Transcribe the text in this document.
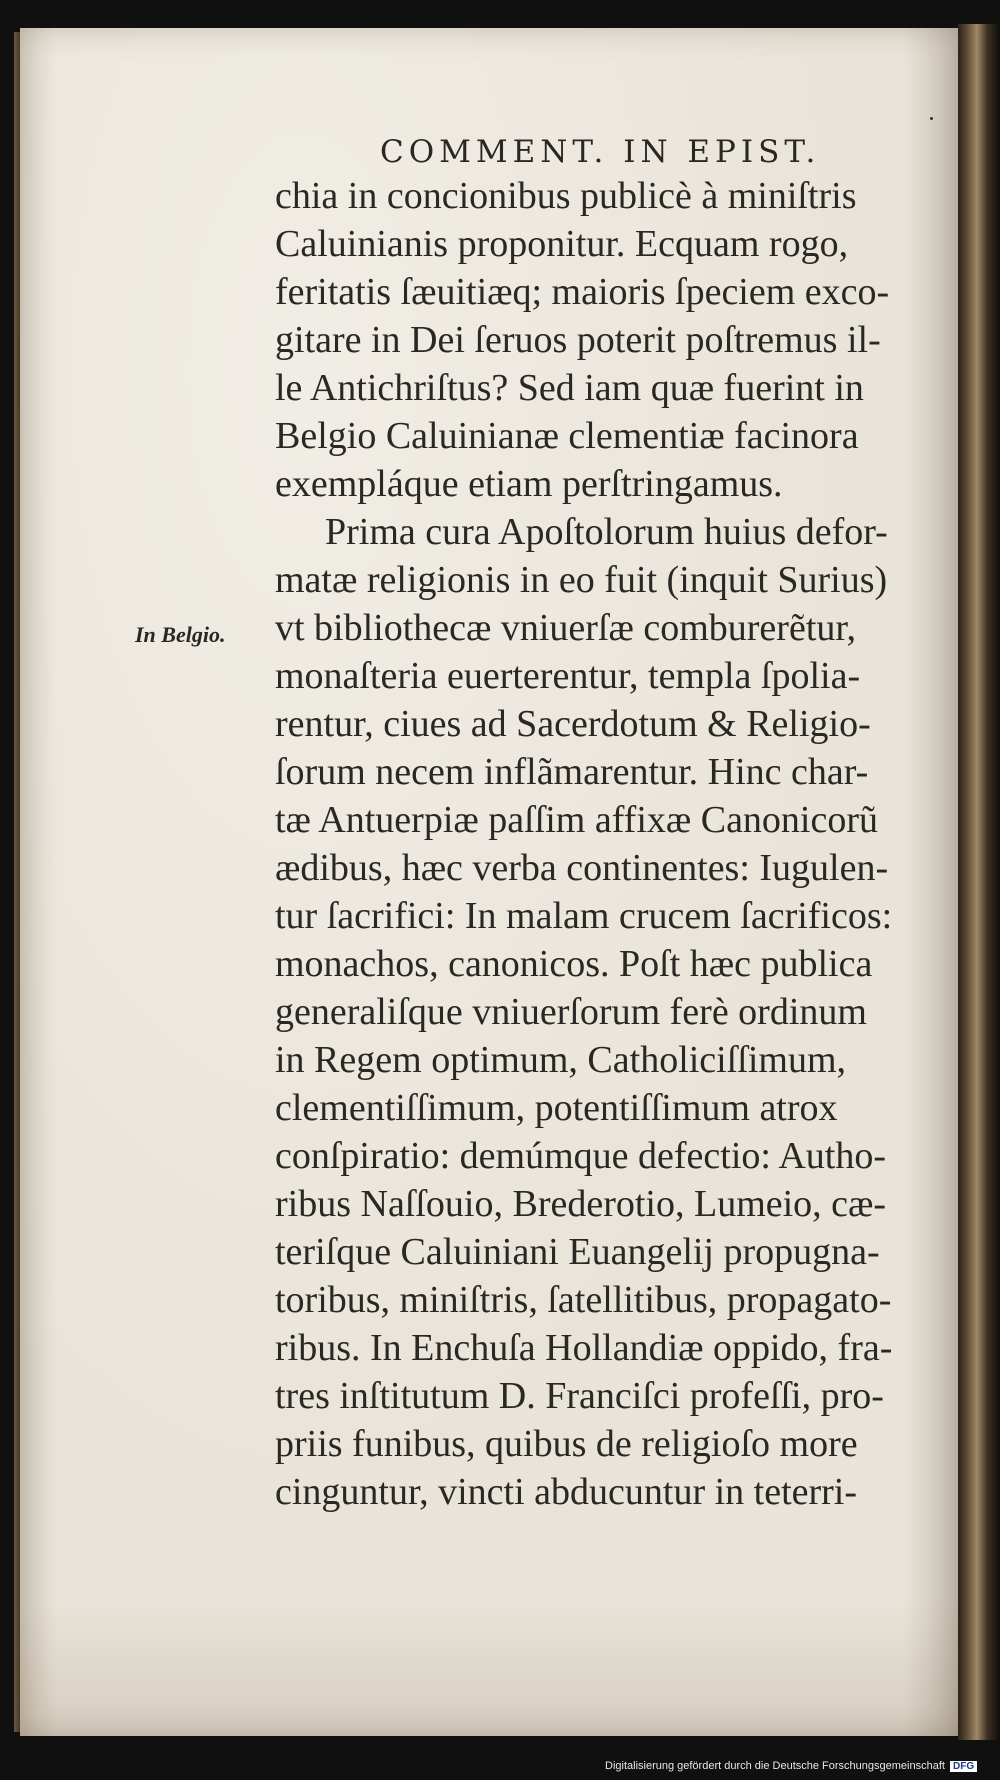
COMMENT. IN EPIST.
In Belgio.
chia in concionibus publicè à miniſtris
Caluinianis proponitur. Ecquam rogo,
feritatis ſæuitiæq; maioris ſpeciem exco-
gitare in Dei ſeruos poterit poſtremus il-
le Antichriſtus? Sed iam quæ fuerint in
Belgio Caluinianæ clementiæ facinora
exempláque etiam perſtringamus.
Prima cura Apoſtolorum huius defor-
matæ religionis in eo fuit (inquit Surius)
vt bibliothecæ vniuerſæ comburerẽtur,
monaſteria euerterentur, templa ſpolia-
rentur, ciues ad Sacerdotum & Religio-
ſorum necem inflãmarentur. Hinc char-
tæ Antuerpiæ paſſim affixæ Canonicorũ
ædibus, hæc verba continentes: Iugulen-
tur ſacrifici: In malam crucem ſacrificos:
monachos, canonicos. Poſt hæc publica
generaliſque vniuerſorum ferè ordinum
in Regem optimum, Catholiciſſimum,
clementiſſimum, potentiſſimum atrox
conſpiratio: demúmque defectio: Autho-
ribus Naſſouio, Brederotio, Lumeio, cæ-
teriſque Caluiniani Euangelij propugna-
toribus, miniſtris, ſatellitibus, propagato-
ribus. In Enchuſa Hollandiæ oppido, fra-
tres inſtitutum D. Franciſci profeſſi, pro-
priis funibus, quibus de religioſo more
cinguntur, vincti abducuntur in teterri-
Digitalisierung gefördert durch die Deutsche Forschungsgemeinschaft DFG
